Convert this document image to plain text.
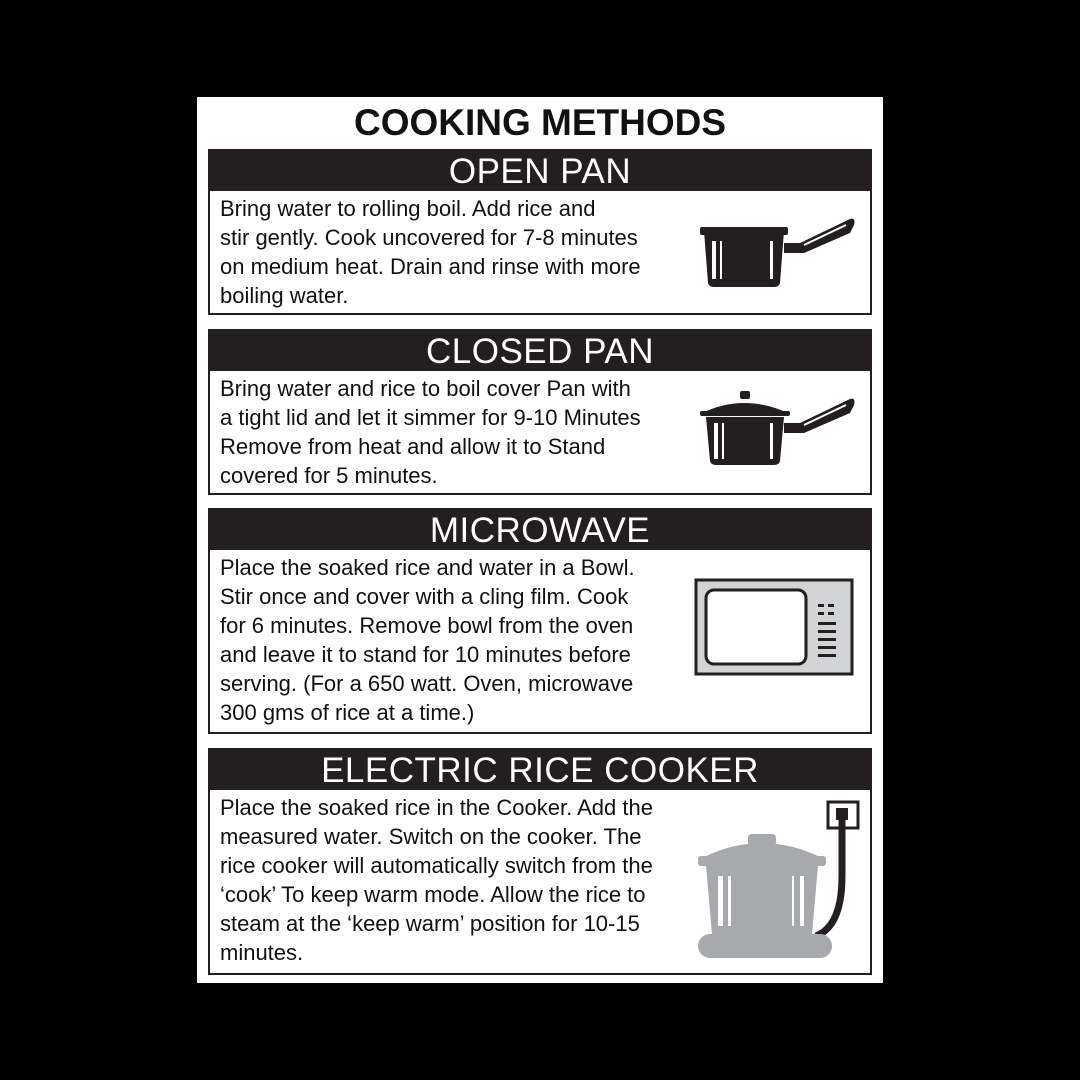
COOKING METHODS
OPEN PAN
Bring water to rolling boil. Add rice and
stir gently. Cook uncovered for 7-8 minutes
on medium heat. Drain and rinse with more
boiling water.
CLOSED PAN
Bring water and rice to boil cover Pan with
a tight lid and let it simmer for 9-10 Minutes
Remove from heat and allow it to Stand
covered for 5 minutes.
MICROWAVE
Place the soaked rice and water in a Bowl.
Stir once and cover with a cling film. Cook
for 6 minutes. Remove bowl from the oven
and leave it to stand for 10 minutes before
serving. (For a 650 watt. Oven, microwave
300 gms of rice at a time.)
ELECTRIC RICE COOKER
Place the soaked rice in the Cooker. Add the
measured water. Switch on the cooker. The
rice cooker will automatically switch from the
‘cook’ To keep warm mode. Allow the rice to
steam at the ‘keep warm’ position for 10-15
minutes.
